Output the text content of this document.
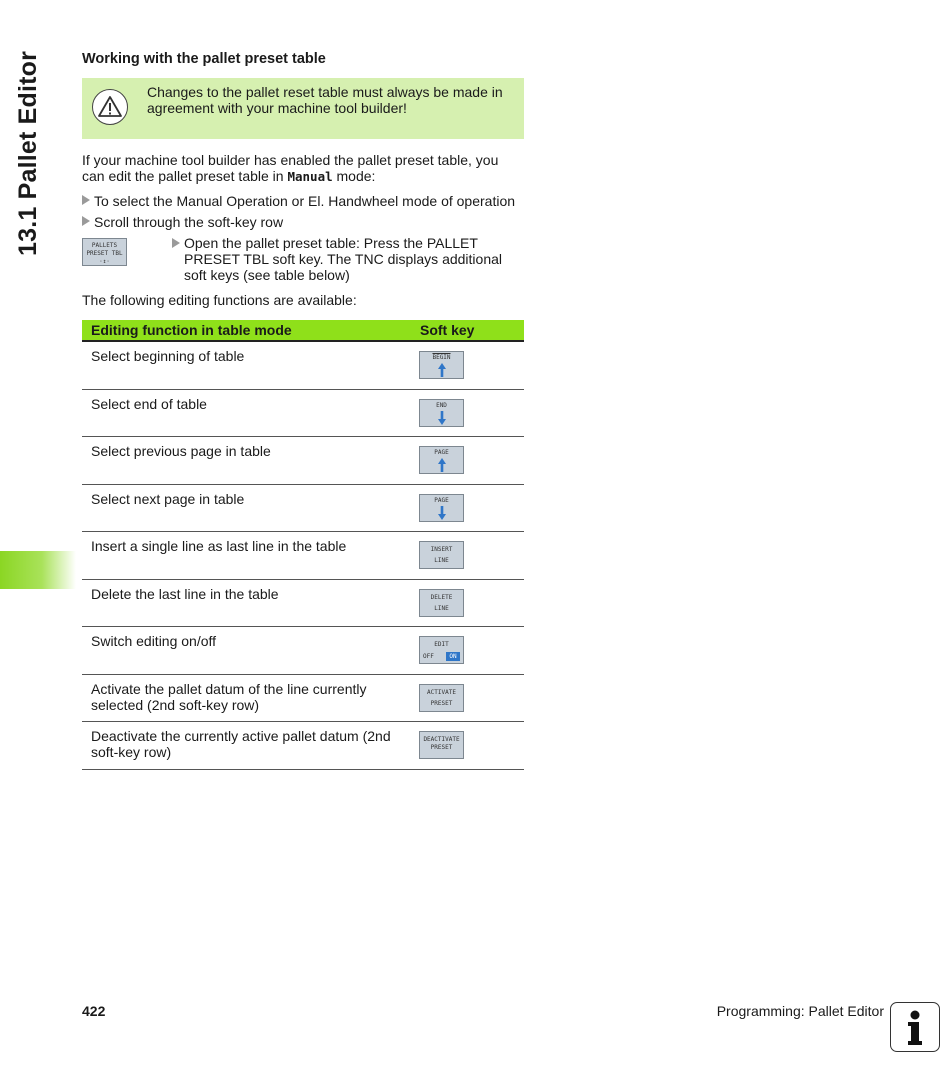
13.1 Pallet Editor	Working with the pallet preset table
Changes to the pallet reset table must always be made in agreement with your machine tool builder!
If your machine tool builder has enabled the pallet preset table, you can edit the pallet preset table in Manual mode:
To select the Manual Operation or El. Handwheel mode of operation
Scroll through the soft-key row
PALLETS
PRESET TBL
·↕·
Open the pallet preset table: Press the PALLET PRESET TBL soft key. The TNC displays additional soft keys (see table below)
The following editing functions are available:
Editing function in table mode	Soft key
Select beginning of table	BEGIN
Select end of table	END
Select previous page in table	PAGE
Select next page in table	PAGE
Insert a single line as last line in the table	INSERT
LINE
Delete the last line in the table	DELETE
LINE
Switch editing on/off	EDIT
OFF	ON
Activate the pallet datum of the line currently selected (2nd soft-key row)
ACTIVATE
PRESET
Deactivate the currently active pallet datum (2nd soft-key row)
DEACTIVATE
PRESET
422	Programming: Pallet Editor
